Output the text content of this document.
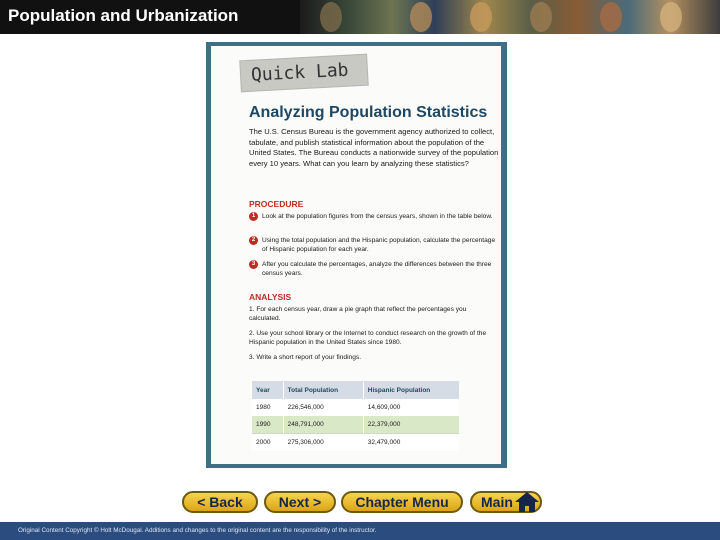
Population and Urbanization
Quick Lab
Analyzing Population Statistics

The U.S. Census Bureau is the government agency authorized to collect, tabulate, and publish statistical information about the population of the United States. The Bureau conducts a nationwide survey of the population every 10 years. What can you learn by analyzing these statistics?

PROCEDURE
1	Look at the population figures from the census years, shown in the table below.
2	Using the total population and the Hispanic population, calculate the percentage of Hispanic population for each year.
3	After you calculate the percentages, analyze the differences between the three census years.
ANALYSIS
1. For each census year, draw a pie graph that reflect the percentages you calculated.
2. Use your school library or the Internet to conduct research on the growth of the Hispanic population in the United States since 1980.
3. Write a short report of your findings.
Year	Total Population	Hispanic Population
1980	226,546,000	14,609,000
1990	248,791,000	22,379,000
2000	275,306,000	32,479,000
< Back	Next >	Chapter Menu	Main
Original Content Copyright © Holt McDougal. Additions and changes to the original content are the responsibility of the instructor.
